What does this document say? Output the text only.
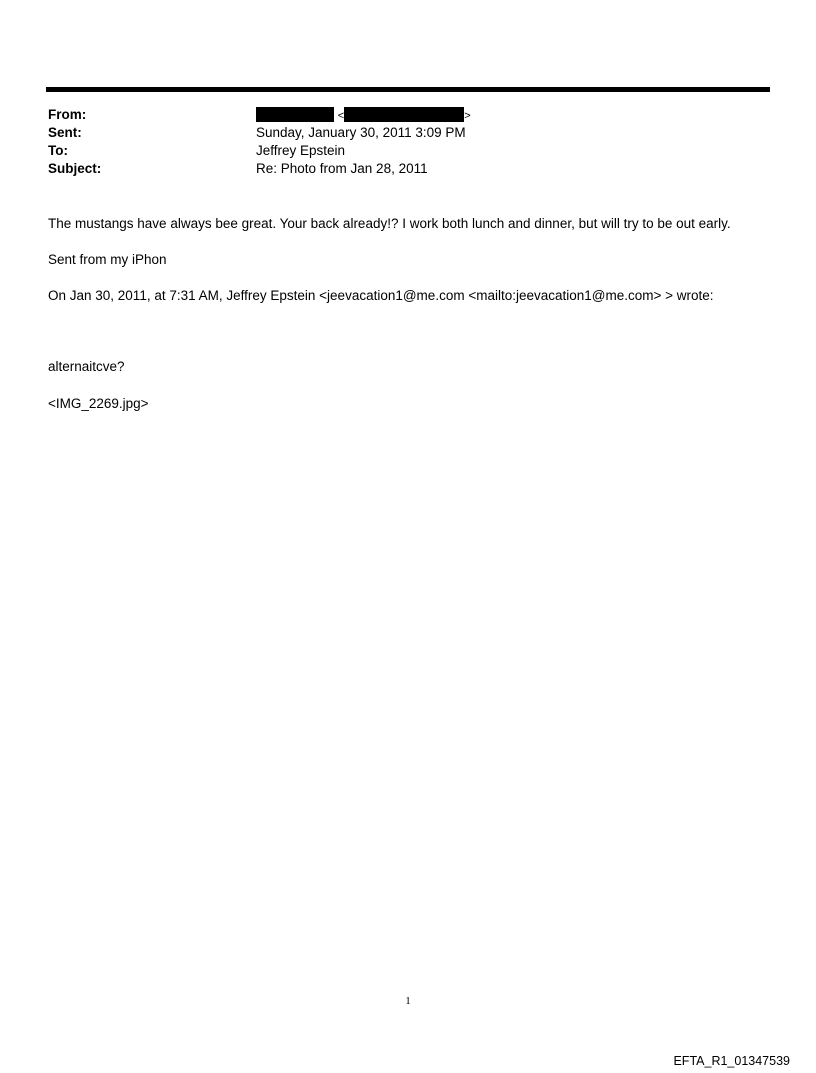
From:	<	>
Sent:	Sunday, January 30, 2011 3:09 PM
To:	Jeffrey Epstein
Subject:	Re: Photo from Jan 28, 2011
The mustangs have always bee great. Your back already!? I work both lunch and dinner, but will try to be out early.
Sent from my iPhon
On Jan 30, 2011, at 7:31 AM, Jeffrey Epstein <jeevacation1@me.com <mailto:jeevacation1@me.com> > wrote:
alternaitcve?
<IMG_2269.jpg>
1
EFTA_R1_01347539
